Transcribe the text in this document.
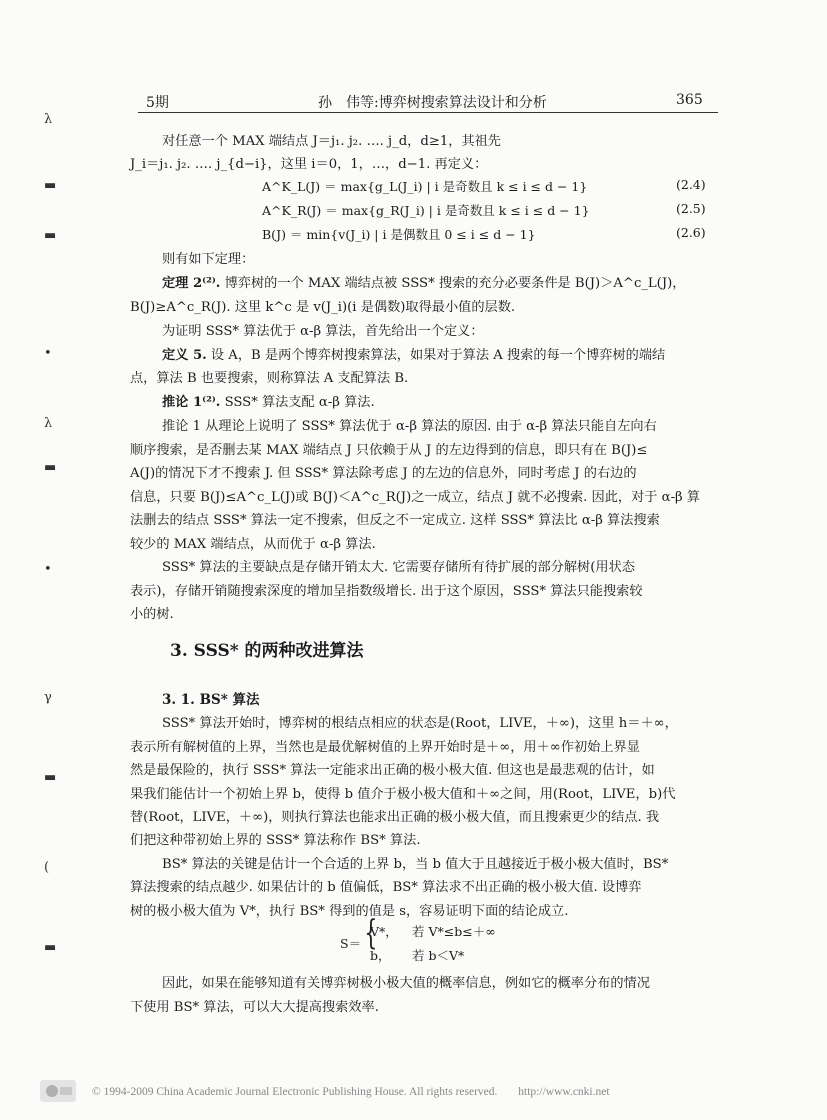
5期	孙　伟等:博弈树搜索算法设计和分析	365
对任意一个 MAX 端结点 J＝j₁. j₂. …. j_d，d≥1，其祖先
J_i＝j₁. j₂. …. j_{d−i}，这里 i＝0，1，…，d−1. 再定义：
则有如下定理：
定理 2⁽²⁾. 博弈树的一个 MAX 端结点被 SSS* 搜索的充分必要条件是 B(J)＞A^c_L(J)，
B(J)≥A^c_R(J). 这里 k^c 是 v(J_i)(i 是偶数)取得最小值的层数.
为证明 SSS* 算法优于 α-β 算法，首先给出一个定义：
定义 5. 设 A，B 是两个博弈树搜索算法，如果对于算法 A 搜索的每一个博弈树的端结
点，算法 B 也要搜索，则称算法 A 支配算法 B.
推论 1⁽²⁾. SSS* 算法支配 α-β 算法.
推论 1 从理论上说明了 SSS* 算法优于 α-β 算法的原因. 由于 α-β 算法只能自左向右
顺序搜索，是否删去某 MAX 端结点 J 只依赖于从 J 的左边得到的信息，即只有在 B(J)≤
A(J)的情况下才不搜索 J. 但 SSS* 算法除考虑 J 的左边的信息外，同时考虑 J 的右边的
信息，只要 B(J)≤A^c_L(J)或 B(J)＜A^c_R(J)之一成立，结点 J 就不必搜索. 因此，对于 α-β 算
法删去的结点 SSS* 算法一定不搜索，但反之不一定成立. 这样 SSS* 算法比 α-β 算法搜索
较少的 MAX 端结点，从而优于 α-β 算法.
SSS* 算法的主要缺点是存储开销太大. 它需要存储所有待扩展的部分解树(用状态
表示)，存储开销随搜索深度的增加呈指数级增长. 出于这个原因，SSS* 算法只能搜索较
小的树.
SSS* 算法开始时，博弈树的根结点相应的状态是(Root，LIVE，＋∞)，这里 h＝＋∞，
表示所有解树值的上界，当然也是最优解树值的上界开始时是＋∞，用＋∞作初始上界显
然是最保险的，执行 SSS* 算法一定能求出正确的极小极大值. 但这也是最悲观的估计，如
果我们能估计一个初始上界 b，使得 b 值介于极小极大值和＋∞之间，用(Root，LIVE，b)代
替(Root，LIVE，＋∞)，则执行算法也能求出正确的极小极大值，而且搜索更少的结点. 我
们把这种带初始上界的 SSS* 算法称作 BS* 算法.
BS* 算法的关键是估计一个合适的上界 b，当 b 值大于且越接近于极小极大值时，BS*
算法搜索的结点越少. 如果估计的 b 值偏低，BS* 算法求不出正确的极小极大值. 设博弈
树的极小极大值为 V*，执行 BS* 得到的值是 s，容易证明下面的结论成立.
因此，如果在能够知道有关博弈树极小极大值的概率信息，例如它的概率分布的情况
下使用 BS* 算法，可以大大提高搜索效率.
A^K_L(J) ＝ max{g_L(J_i) | i 是奇数且 k ≤ i ≤ d − 1}	(2.4)
A^K_R(J) ＝ max{g_R(J_i) | i 是奇数且 k ≤ i ≤ d − 1}	(2.5)
B(J) ＝ min{v(J_i) | i 是偶数且 0 ≤ i ≤ d − 1}	(2.6)
3. SSS* 的两种改进算法
3. 1. BS* 算法
S＝ {
V*， 若 V*≤b≤＋∞
b， 若 b＜V*
λ
▬
▬
•
λ
▬
•
γ
▬
(
▬
© 1994-2009 China Academic Journal Electronic Publishing House. All rights reserved. http://www.cnki.net
